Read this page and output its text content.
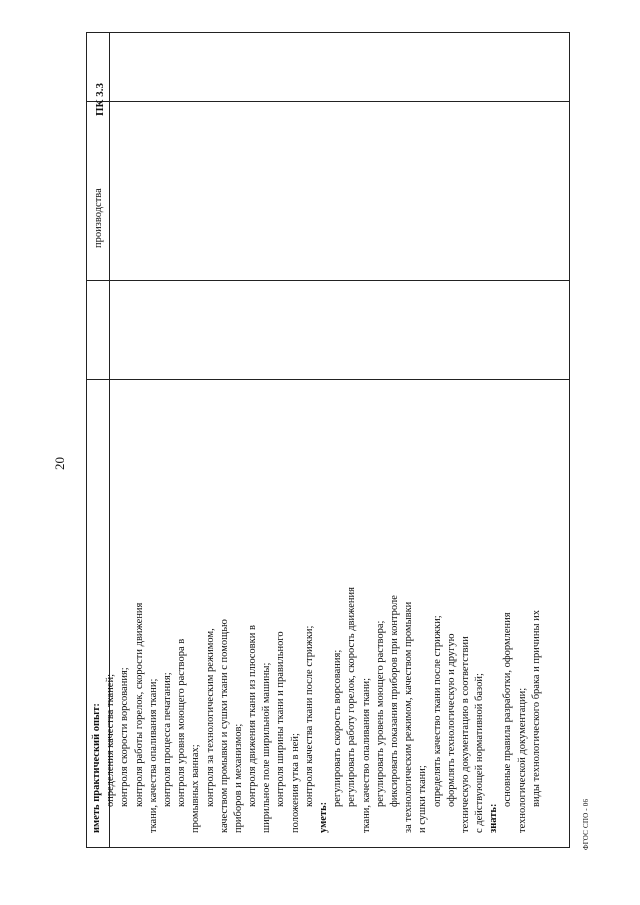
20
ФГОС СПО - 06
ПК 3.3
производства
иметь практический опыт: определения качества тканей; контроля скорости ворсования; контроля работы горелок, скорости движения ткани, качества опаливания ткани; контроля процесса печатания; контроля уровня моющего раствора в промывных ваннах; контроля за технологическим режимом, качеством промывки и сушки ткани с помощью приборов и механизмов; контроля движения ткани из плюсовки в ширильное поле ширильной машины; контроля ширины ткани и правильного положения утка в ней; контроля качества ткани после стрижки;
уметь:
регулировать скорость ворсования; регулировать работу горелок, скорость движения ткани, качество опаливания ткани; регулировать уровень моющего раствора; фиксировать показания приборов при контроле за технологическим режимом, качеством промывки и сушки ткани; определять качество ткани после стрижки; оформлять технологическую и другую техническую документацию в соответствии с действующей нормативной базой; знать:
основные правила разработки, оформления технологической документации; виды технологического брака и причины их
